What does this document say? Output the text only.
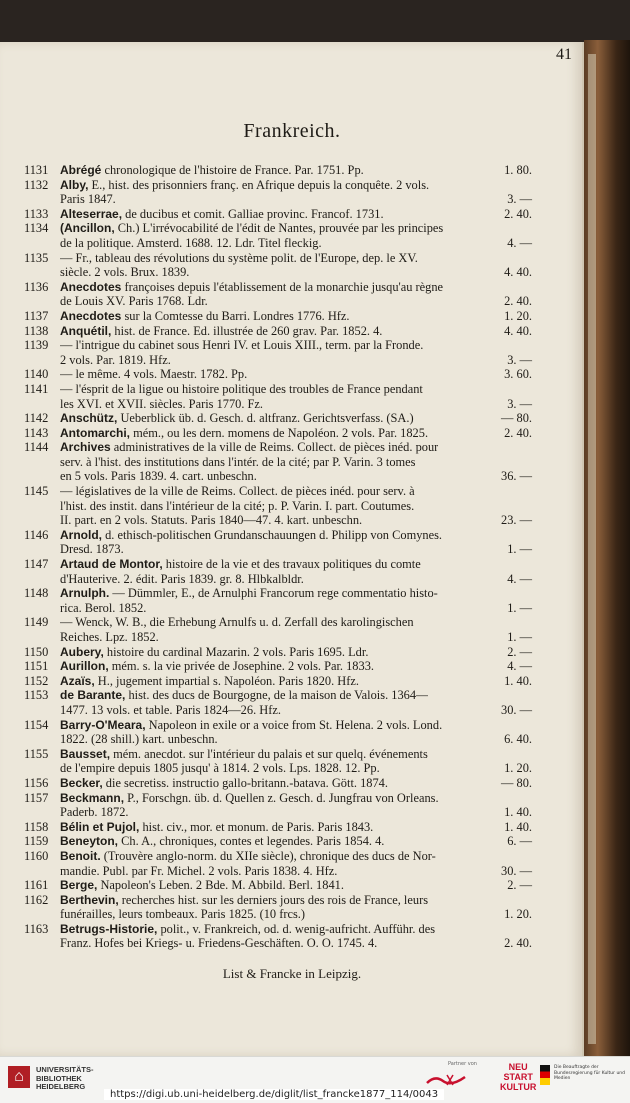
41
Frankreich.
1131 Abrégé chronologique de l'histoire de France. Par. 1751. Pp.	1. 80.
1132 Alby, E., hist. des prisonniers franç. en Afrique depuis la conquête. 2 vols.
Paris 1847.	3. —
1133 Alteserrae, de ducibus et comit. Galliae provinc. Francof. 1731.	2. 40.
1134 (Ancillon, Ch.) L'irrévocabilité de l'édit de Nantes, prouvée par les principes
de la politique. Amsterd. 1688. 12. Ldr. Titel fleckig.	4. —
1135 — Fr., tableau des révolutions du système polit. de l'Europe, dep. le XV.
siècle. 2 vols. Brux. 1839.	4. 40.
1136 Anecdotes françoises depuis l'établissement de la monarchie jusqu'au règne
de Louis XV. Paris 1768. Ldr.	2. 40.
1137 Anecdotes sur la Comtesse du Barri. Londres 1776. Hfz.	1. 20.
1138 Anquétil, hist. de France. Ed. illustrée de 260 grav. Par. 1852. 4.	4. 40.
1139 — l'intrigue du cabinet sous Henri IV. et Louis XIII., term. par la Fronde.
2 vols. Par. 1819. Hfz.	3. —
1140 — le même. 4 vols. Maestr. 1782. Pp.	3. 60.
1141 — l'ésprit de la ligue ou histoire politique des troubles de France pendant
les XVI. et XVII. siècles. Paris 1770. Fz.	3. —
1142 Anschütz, Ueberblick üb. d. Gesch. d. altfranz. Gerichtsverfass. (SA.)	— 80.
1143 Antomarchi, mém., ou les dern. momens de Napoléon. 2 vols. Par. 1825.	2. 40.
1144 Archives administratives de la ville de Reims. Collect. de pièces inéd. pour
serv. à l'hist. des institutions dans l'intér. de la cité; par P. Varin. 3 tomes
en 5 vols. Paris 1839. 4. cart. unbeschn.	36. —
1145 — législatives de la ville de Reims. Collect. de pièces inéd. pour serv. à
l'hist. des instit. dans l'intérieur de la cité; p. P. Varin. I. part. Coutumes.
II. part. en 2 vols. Statuts. Paris 1840—47. 4. kart. unbeschn.	23. —
1146 Arnold, d. ethisch-politischen Grundanschauungen d. Philipp von Comynes.
Dresd. 1873.	1. —
1147 Artaud de Montor, histoire de la vie et des travaux politiques du comte
d'Hauterive. 2. édit. Paris 1839. gr. 8. Hlbkalbldr.	4. —
1148 Arnulph. — Dümmler, E., de Arnulphi Francorum rege commentatio histo-
rica. Berol. 1852.	1. —
1149 — Wenck, W. B., die Erhebung Arnulfs u. d. Zerfall des karolingischen
Reiches. Lpz. 1852.	1. —
1150 Aubery, histoire du cardinal Mazarin. 2 vols. Paris 1695. Ldr.	2. —
1151 Aurillon, mém. s. la vie privée de Josephine. 2 vols. Par. 1833.	4. —
1152 Azaïs, H., jugement impartial s. Napoléon. Paris 1820. Hfz.	1. 40.
1153 de Barante, hist. des ducs de Bourgogne, de la maison de Valois. 1364—
1477. 13 vols. et table. Paris 1824—26. Hfz.	30. —
1154 Barry-O'Meara, Napoleon in exile or a voice from St. Helena. 2 vols. Lond.
1822. (28 shill.) kart. unbeschn.	6. 40.
1155 Bausset, mém. anecdot. sur l'intérieur du palais et sur quelq. événements
de l'empire depuis 1805 jusqu' à 1814. 2 vols. Lps. 1828. 12. Pp.	1. 20.
1156 Becker, die secretiss. instructio gallo-britann.-batava. Gött. 1874.	— 80.
1157 Beckmann, P., Forschgn. üb. d. Quellen z. Gesch. d. Jungfrau von Orleans.
Paderb. 1872.	1. 40.
1158 Bélin et Pujol, hist. civ., mor. et monum. de Paris. Paris 1843.	1. 40.
1159 Beneyton, Ch. A., chroniques, contes et legendes. Paris 1854. 4.	6. —
1160 Benoit. (Trouvère anglo-norm. du XIIe siècle), chronique des ducs de Nor-
mandie. Publ. par Fr. Michel. 2 vols. Paris 1838. 4. Hfz.	30. —
1161 Berge, Napoleon's Leben. 2 Bde. M. Abbild. Berl. 1841.	2. —
1162 Berthevin, recherches hist. sur les derniers jours des rois de France, leurs
funérailles, leurs tombeaux. Paris 1825. (10 frcs.)	1. 20.
1163 Betrugs-Historie, polit., v. Frankreich, od. d. wenig-aufricht. Aufführ. des
Franz. Hofes bei Kriegs- u. Friedens-Geschäften. O. O. 1745. 4.	2. 40.
List & Francke in Leipzig.
⌂	UNIVERSITÄTS-
BIBLIOTHEK
HEIDELBERG
https://digi.ub.uni-heidelberg.de/diglit/list_francke1877_114/0043
Partner von	NEU
START
KULTUR
Die Beauftragte der Bundesregierung für Kultur und Medien
